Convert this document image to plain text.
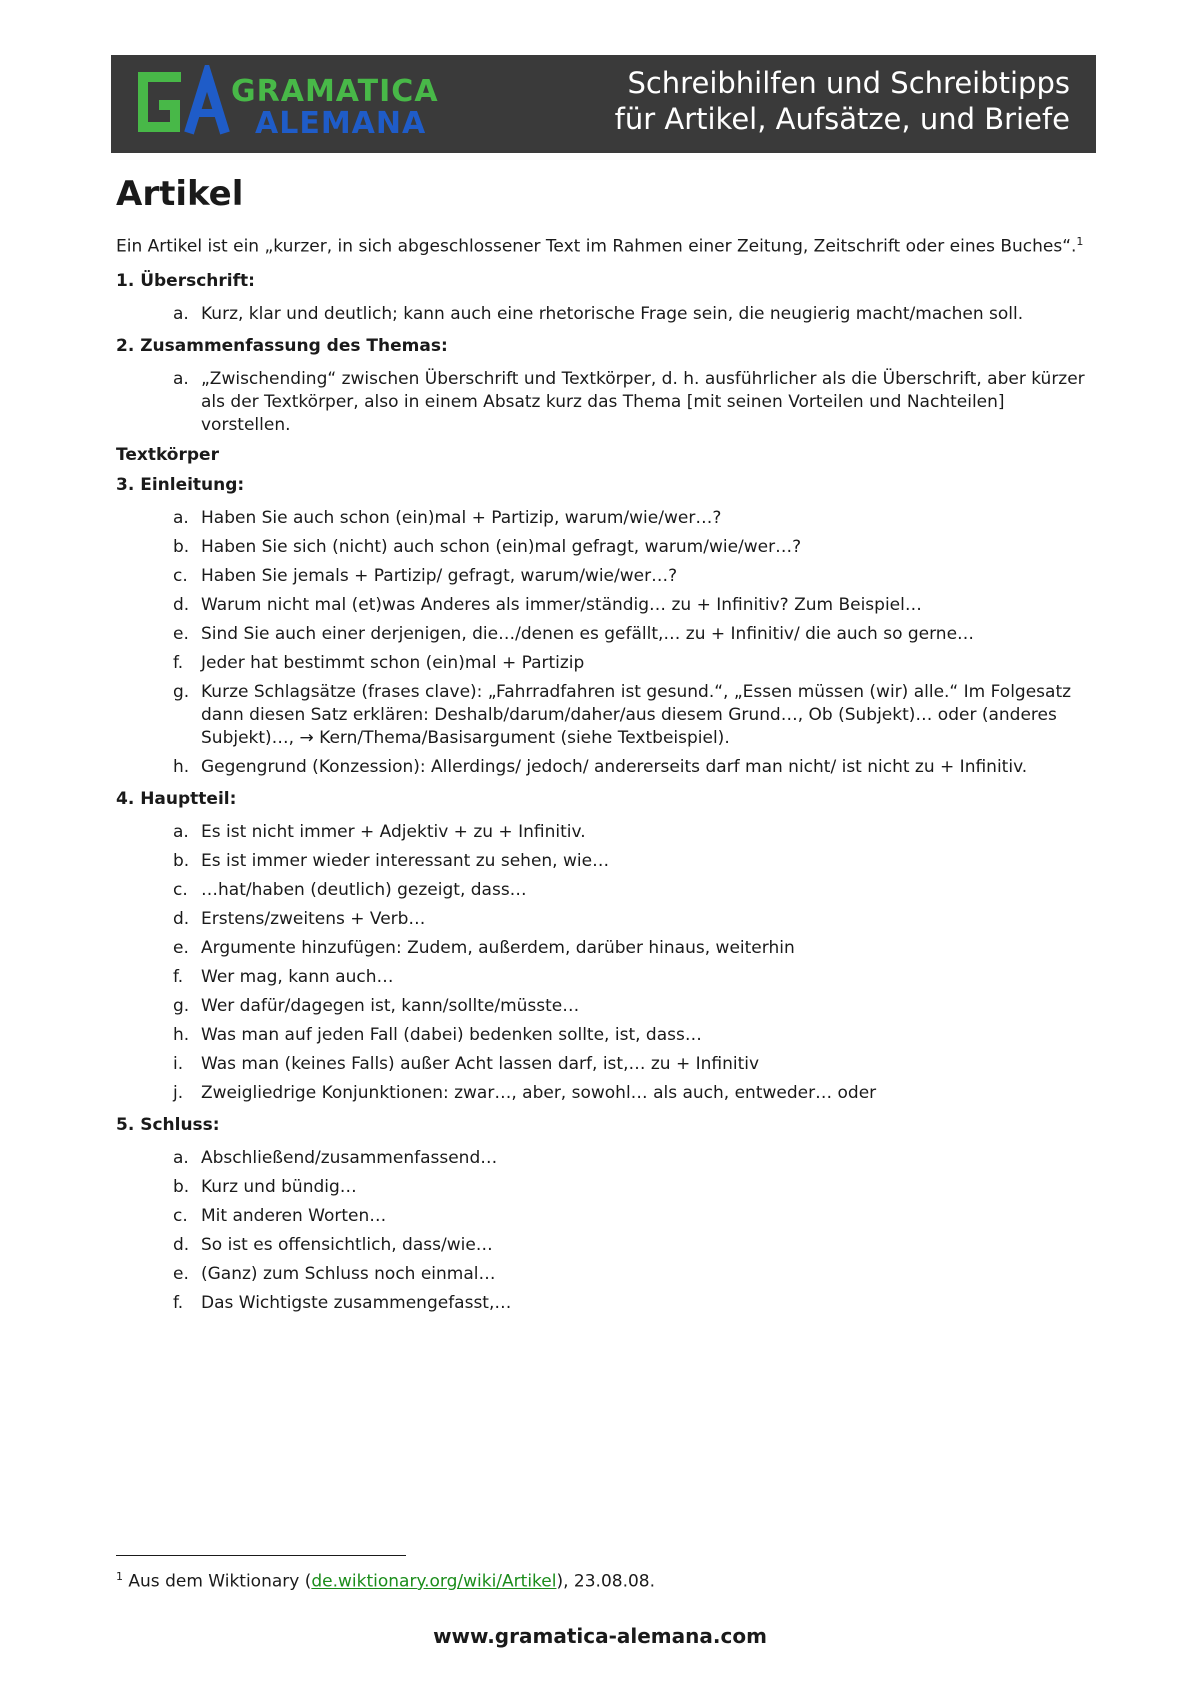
GRAMATICA
ALEMANA
Schreibhilfen und Schreibtipps
für Artikel, Aufsätze, und Briefe
Artikel

Ein Artikel ist ein „kurzer, in sich abgeschlossener Text im Rahmen einer Zeitung, Zeitschrift oder eines Buches“.$^1$

1. Überschrift:
a. Kurz, klar und deutlich; kann auch eine rhetorische Frage sein, die neugierig macht/machen soll.
2. Zusammenfassung des Themas:
a. „Zwischending“ zwischen Überschrift und Textkörper, d. h. ausführlicher als die Überschrift, aber kürzer als der Textkörper, also in einem Absatz kurz das Thema [mit seinen Vorteilen und Nachteilen] vorstellen.
Textkörper
3. Einleitung:
a. Haben Sie auch schon (ein)mal + Partizip, warum/wie/wer…?
b. Haben Sie sich (nicht) auch schon (ein)mal gefragt, warum/wie/wer…?
c. Haben Sie jemals + Partizip/ gefragt, warum/wie/wer…?
d. Warum nicht mal (et)was Anderes als immer/ständig… zu + Infinitiv? Zum Beispiel…
e. Sind Sie auch einer derjenigen, die…/denen es gefällt,… zu + Infinitiv/ die auch so gerne…
f. Jeder hat bestimmt schon (ein)mal + Partizip
g. Kurze Schlagsätze (frases clave): „Fahrradfahren ist gesund.“, „Essen müssen (wir) alle.“ Im Folgesatz dann diesen Satz erklären: Deshalb/darum/daher/aus diesem Grund…, Ob (Subjekt)… oder (anderes Subjekt)…, → Kern/Thema/Basisargument (siehe Textbeispiel).
h. Gegengrund (Konzession): Allerdings/ jedoch/ andererseits darf man nicht/ ist nicht zu + Infinitiv.
4. Hauptteil:
a. Es ist nicht immer + Adjektiv + zu + Infinitiv.
b. Es ist immer wieder interessant zu sehen, wie…
c. …hat/haben (deutlich) gezeigt, dass…
d. Erstens/zweitens + Verb…
e. Argumente hinzufügen: Zudem, außerdem, darüber hinaus, weiterhin
f. Wer mag, kann auch…
g. Wer dafür/dagegen ist, kann/sollte/müsste…
h. Was man auf jeden Fall (dabei) bedenken sollte, ist, dass…
i. Was man (keines Falls) außer Acht lassen darf, ist,… zu + Infinitiv
j. Zweigliedrige Konjunktionen: zwar…, aber, sowohl… als auch, entweder… oder
5. Schluss:
a. Abschließend/zusammenfassend…
b. Kurz und bündig…
c. Mit anderen Worten…
d. So ist es offensichtlich, dass/wie…
e. (Ganz) zum Schluss noch einmal…
f. Das Wichtigste zusammengefasst,…
$^1$ Aus dem Wiktionary (de.wiktionary.org/wiki/Artikel), 23.08.08.
www.gramatica-alemana.com
